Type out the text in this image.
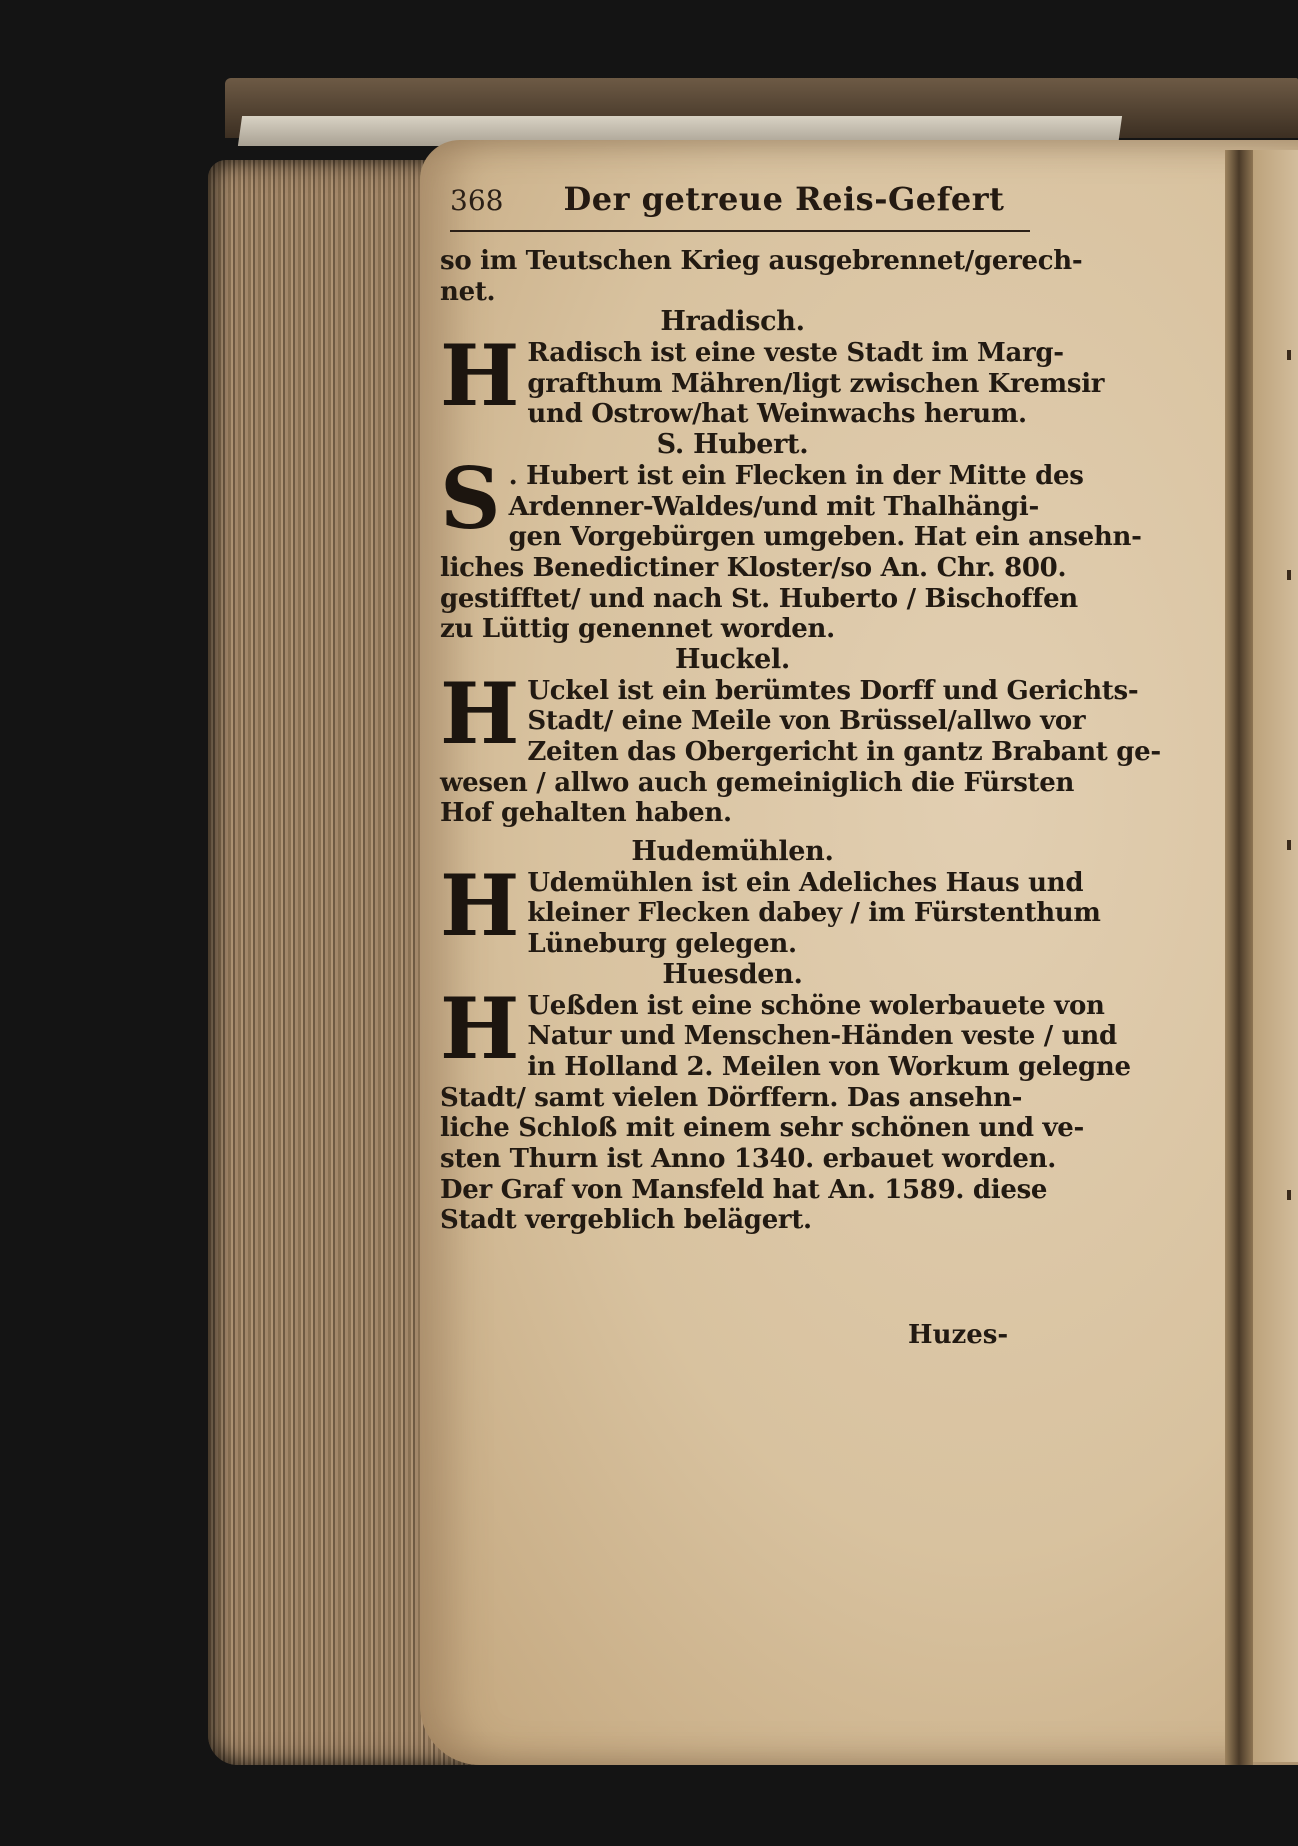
368 Der getreue Reis-Gefert
so im Teutschen Krieg ausgebrennet/gerech-
net.
Hradisch.
H Radisch ist eine veste Stadt im Marg-
grafthum Mähren/ligt zwischen Kremsir
und Ostrow/hat Weinwachs herum.
S. Hubert.
S . Hubert ist ein Flecken in der Mitte des
Ardenner-Waldes/und mit Thalhängi-
gen Vorgebürgen umgeben. Hat ein ansehn-
liches Benedictiner Kloster/so An. Chr. 800.
gestifftet/ und nach St. Huberto / Bischoffen
zu Lüttig genennet worden.
Huckel.
H Uckel ist ein berümtes Dorff und Gerichts-
Stadt/ eine Meile von Brüssel/allwo vor
Zeiten das Obergericht in gantz Brabant ge-
wesen / allwo auch gemeiniglich die Fürsten
Hof gehalten haben.
Hudemühlen.
H Udemühlen ist ein Adeliches Haus und
kleiner Flecken dabey / im Fürstenthum
Lüneburg gelegen.
Huesden.
H Ueßden ist eine schöne wolerbauete von
Natur und Menschen-Händen veste / und
in Holland 2. Meilen von Workum gelegne
Stadt/ samt vielen Dörffern. Das ansehn-
liche Schloß mit einem sehr schönen und ve-
sten Thurn ist Anno 1340. erbauet worden.
Der Graf von Mansfeld hat An. 1589. diese
Stadt vergeblich belägert.
Huzes-
